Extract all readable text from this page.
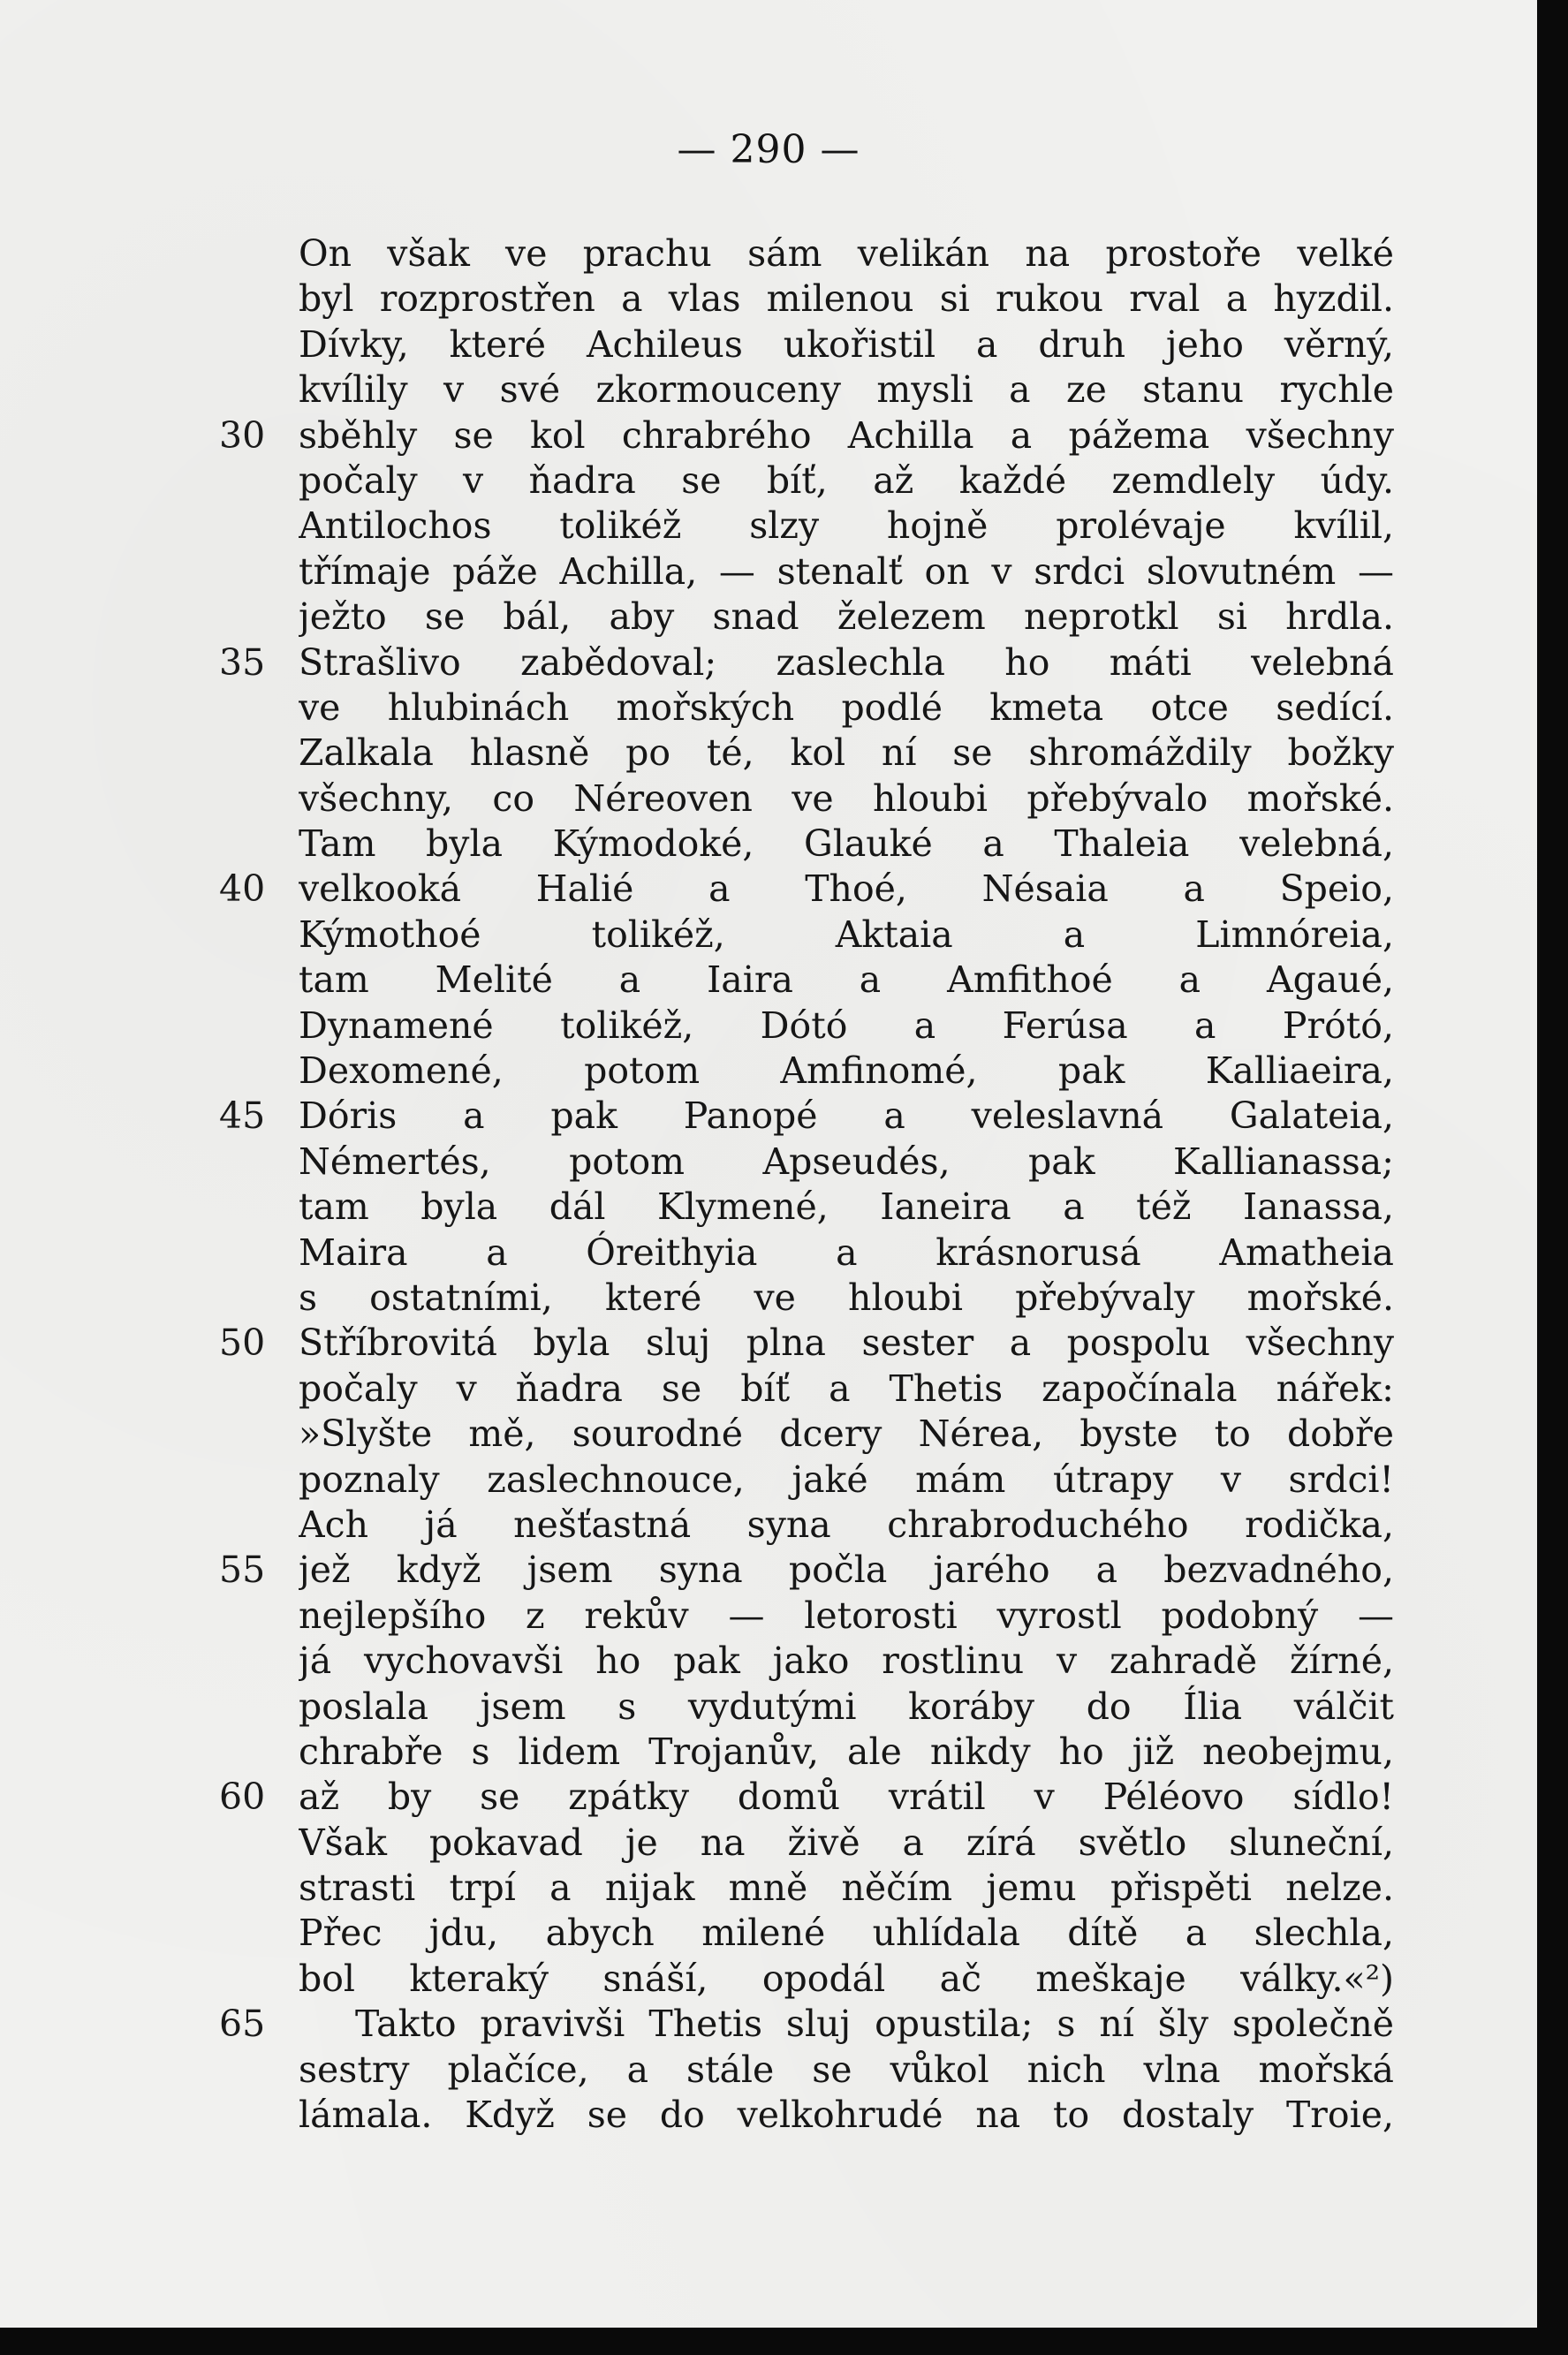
— 290 —
On však ve prachu sám velikán na prostoře velké
byl rozprostřen a vlas milenou si rukou rval a hyzdil.
Dívky, které Achileus ukořistil a druh jeho věrný,
kvílily v své zkormouceny mysli a ze stanu rychle
30 sběhly se kol chrabrého Achilla a pážema všechny
počaly v ňadra se bíť, až každé zemdlely údy.
Antilochos tolikéž slzy hojně prolévaje kvílil,
třímaje páže Achilla, — stenalť on v srdci slovutném —
ježto se bál, aby snad železem neprotkl si hrdla.
35 Strašlivo zabědoval; zaslechla ho máti velebná
ve hlubinách mořských podlé kmeta otce sedící.
Zalkala hlasně po té, kol ní se shromáždily božky
všechny, co Néreoven ve hloubi přebývalo mořské.
Tam byla Kýmodoké, Glauké a Thaleia velebná,
40 velkooká Halié a Thoé, Nésaia a Speio,
Kýmothoé tolikéž, Aktaia a Limnóreia,
tam Melité a Iaira a Amfithoé a Agaué,
Dynamené tolikéž, Dótó a Ferúsa a Prótó,
Dexomené, potom Amfinomé, pak Kalliaeira,
45 Dóris a pak Panopé a veleslavná Galateia,
Némertés, potom Apseudés, pak Kallianassa;
tam byla dál Klymené, Ianeira a též Ianassa,
Maira a Óreithyia a krásnorusá Amatheia
s ostatními, které ve hloubi přebývaly mořské.
50 Stříbrovitá byla sluj plna sester a pospolu všechny
počaly v ňadra se bíť a Thetis započínala nářek:
»Slyšte mě, sourodné dcery Nérea, byste to dobře
poznaly zaslechnouce, jaké mám útrapy v srdci!
Ach já nešťastná syna chrabroduchého rodička,
55 jež když jsem syna počla jarého a bezvadného,
nejlepšího z rekův — letorosti vyrostl podobný —
já vychovavši ho pak jako rostlinu v zahradě žírné,
poslala jsem s vydutými koráby do Ília válčit
chrabře s lidem Trojanův, ale nikdy ho již neobejmu,
60 až by se zpátky domů vrátil v Péléovo sídlo!
Však pokavad je na živě a zírá světlo sluneční,
strasti trpí a nijak mně něčím jemu přispěti nelze.
Přec jdu, abych milené uhlídala dítě a slechla,
bol kteraký snáší, opodál ač meškaje války.«²)
65	Takto pravivši Thetis sluj opustila; s ní šly společně
sestry plačíce, a stále se vůkol nich vlna mořská
lámala. Když se do velkohrudé na to dostaly Troie,
